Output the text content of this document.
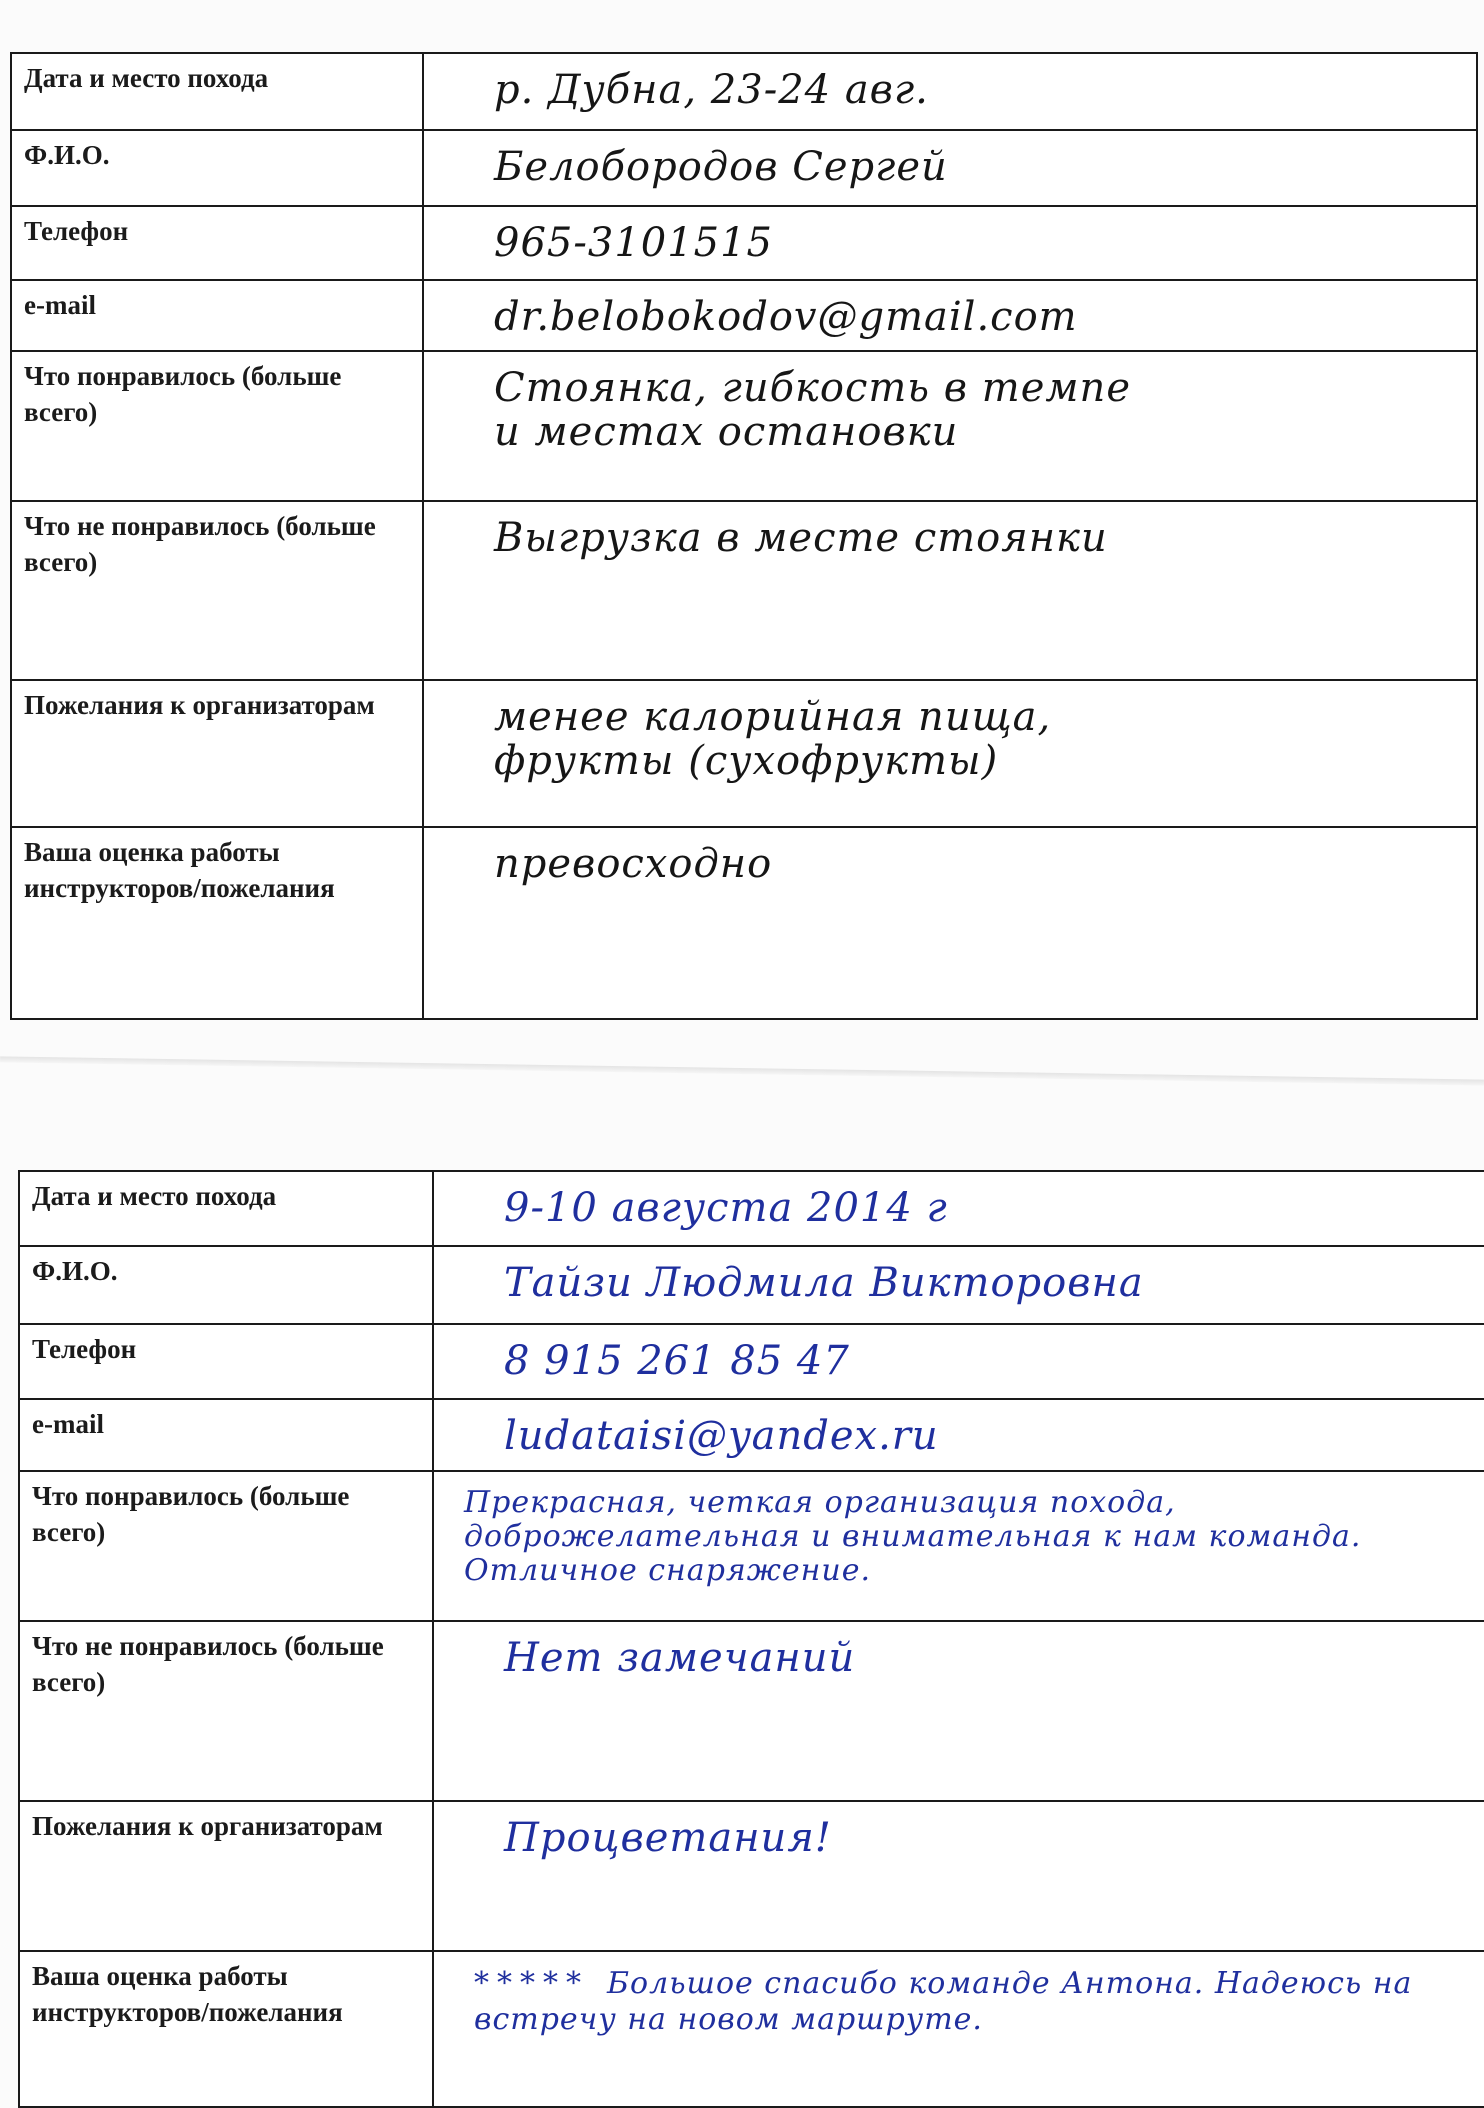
Дата и место похода	р. Дубна, 23-24 авг.
Ф.И.О.	Белобородов Сергей
Телефон	965-3101515
e-mail	dr.belobokodov@gmail.com
Что понравилось (больше всего)	Стоянка, гибкость в темпе
и местах остановки
Что не понравилось (больше всего)	Выгрузка в месте стоянки
Пожелания к организаторам	менее калорийная пища,
фрукты (сухофрукты)
Ваша оценка работы инструкторов/пожелания	превосходно
Дата и место похода	9-10 августа 2014 г
Ф.И.О.	Тайзи Людмила Викторовна
Телефон	8 915 261 85 47
e-mail	ludataisi@yandex.ru
Что понравилось (больше всего)	Прекрасная, четкая организация похода, доброжелательная и внимательная к нам команда. Отличное снаряжение.
Что не понравилось (больше всего)	Нет замечаний
Пожелания к организаторам	Процветания!
Ваша оценка работы инструкторов/пожелания	***** Большое спасибо команде Антона. Надеюсь на встречу на новом маршруте.
